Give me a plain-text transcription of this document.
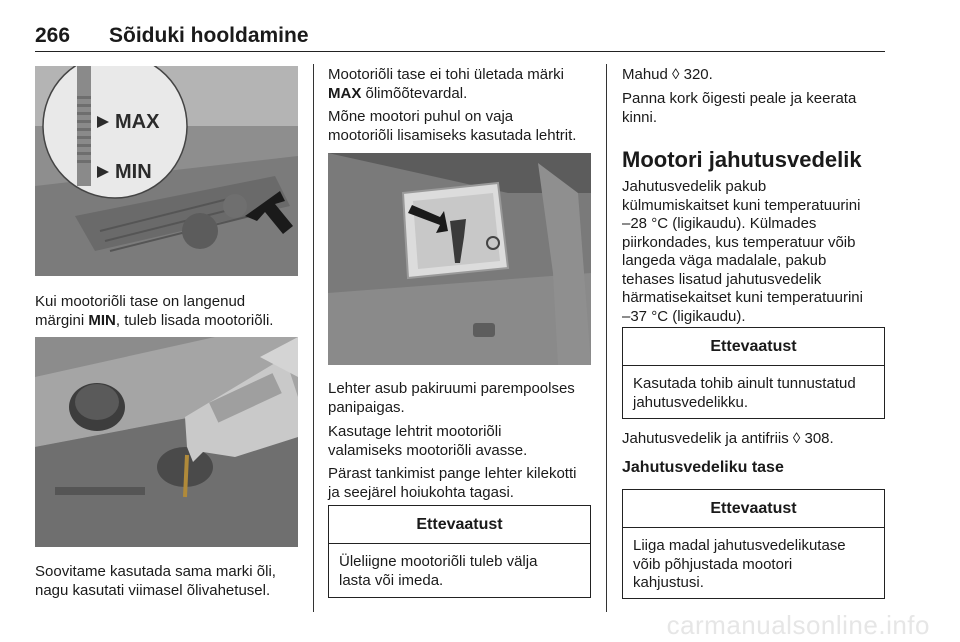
266 Sõiduki hooldamine
MAX
MIN
Kui mootoriõli tase on langenud
märgini MIN, tuleb lisada mootoriõli.
Soovitame kasutada sama marki õli,
nagu kasutati viimasel õlivahetusel.
Mootoriõli tase ei tohi ületada märki
MAX õlimõõtevardal.
Mõne mootori puhul on vaja
mootoriõli lisamiseks kasutada lehtrit.
Lehter asub pakiruumi parempoolses
panipaigas.
Kasutage lehtrit mootoriõli
valamiseks mootoriõli avasse.
Pärast tankimist pange lehter kilekotti
ja seejärel hoiukohta tagasi.
Ettevaatust
Üleliigne mootoriõli tuleb välja
lasta või imeda.
Mahud ◊ 320.
Panna kork õigesti peale ja keerata
kinni.
Mootori jahutusvedelik
Jahutusvedelik pakub
külmumiskaitset kuni temperatuurini
–28 °C (ligikaudu). Külmades
piirkondades, kus temperatuur võib
langeda väga madalale, pakub
tehases lisatud jahutusvedelik
härmatisekaitset kuni temperatuurini
–37 °C (ligikaudu).
Ettevaatust
Kasutada tohib ainult tunnustatud
jahutusvedelikku.
Jahutusvedelik ja antifriis ◊ 308.
Jahutusvedeliku tase
Ettevaatust
Liiga madal jahutusvedelikutase
võib põhjustada mootori
kahjustusi.
carmanualsonline.info
